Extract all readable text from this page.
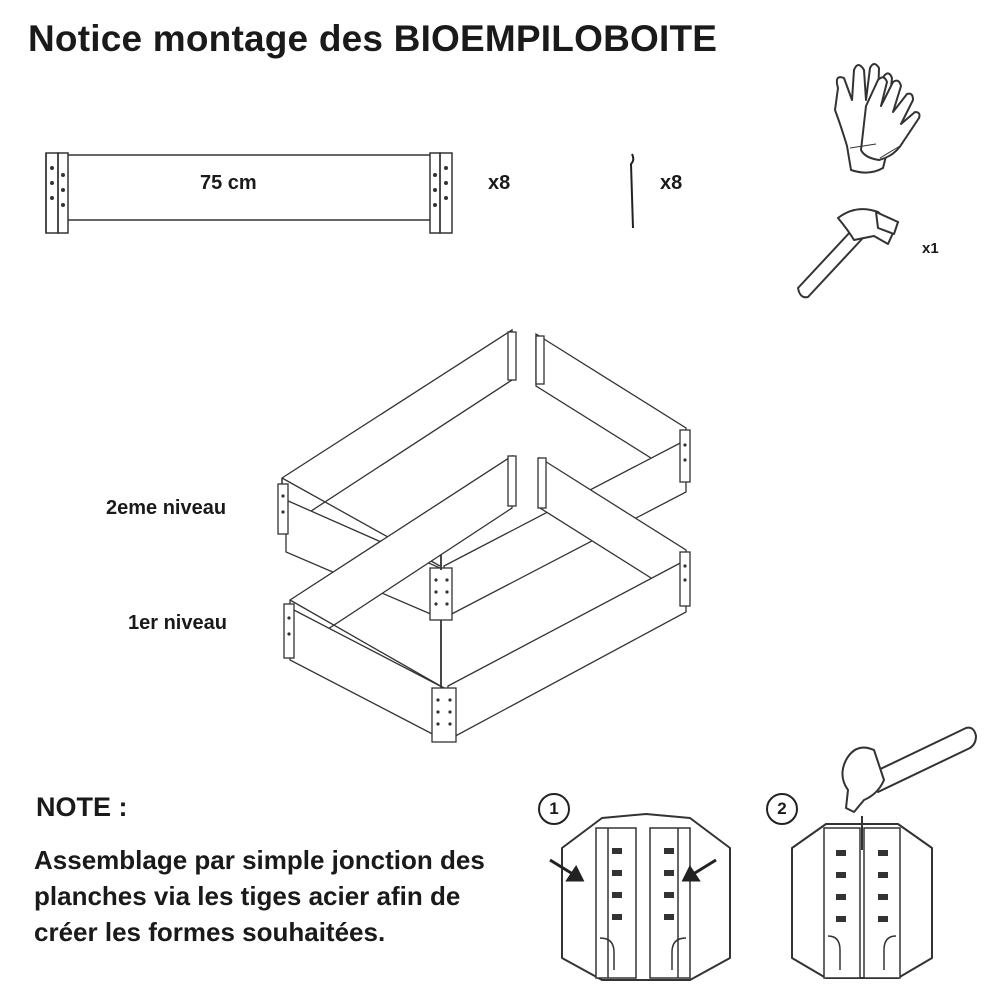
Notice montage des BIOEMPILOBOITE
75 cm	x8	x8
x1
2eme niveau
1er niveau
NOTE :
Assemblage par simple jonction des planches via les tiges acier afin de créer les formes souhaitées.
1	2
